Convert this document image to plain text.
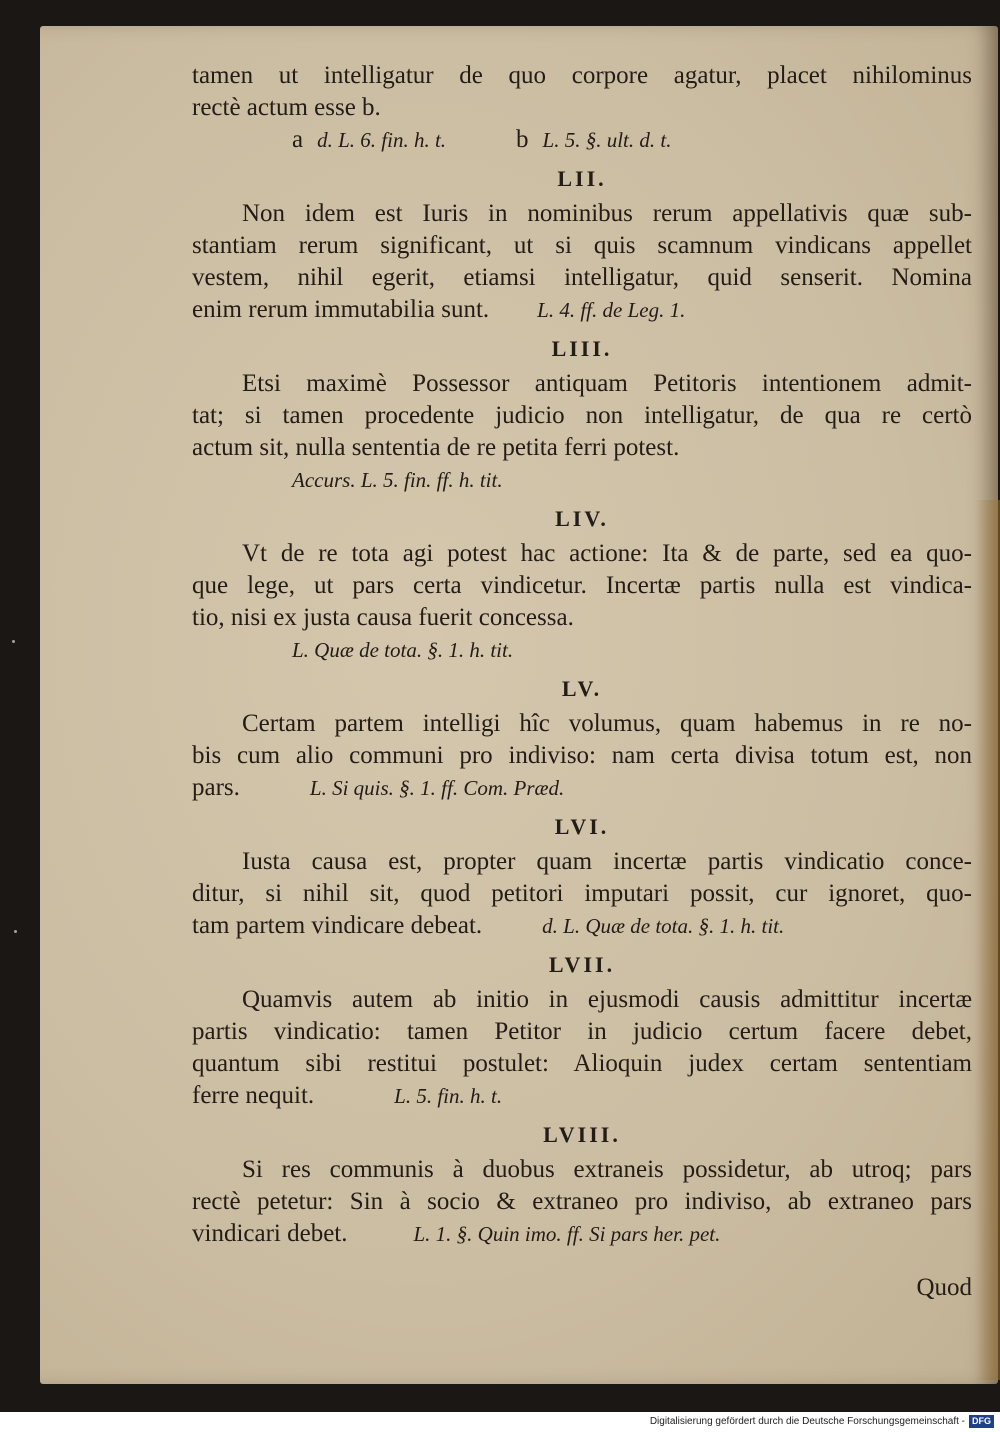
tamen ut intelligatur de quo corpore agatur, placet nihilominus
rectè actum esse b.
a d. L. 6. fin. h. t.	b L. 5. §. ult. d. t.
LII.
Non idem est Iuris in nominibus rerum appellativis quæ sub-
stantiam rerum significant, ut si quis scamnum vindicans appellet
vestem, nihil egerit, etiamsi intelligatur, quid senserit. Nomina
enim rerum immutabilia sunt. L. 4. ff. de Leg. 1.
LIII.
Etsi maximè Possessor antiquam Petitoris intentionem admit-
tat; si tamen procedente judicio non intelligatur, de qua re certò
actum sit, nulla sententia de re petita ferri potest.
Accurs. L. 5. fin. ff. h. tit.
LIV.
Vt de re tota agi potest hac actione: Ita & de parte, sed ea quo-
que lege, ut pars certa vindicetur. Incertæ partis nulla est vindica-
tio, nisi ex justa causa fuerit concessa.
L. Quæ de tota. §. 1. h. tit.
LV.
Certam partem intelligi hîc volumus, quam habemus in re no-
bis cum alio communi pro indiviso: nam certa divisa totum est, non
pars.	L. Si quis. §. 1. ff. Com. Præd.
LVI.
Iusta causa est, propter quam incertæ partis vindicatio conce-
ditur, si nihil sit, quod petitori imputari possit, cur ignoret, quo-
tam partem vindicare debeat.	d. L. Quæ de tota. §. 1. h. tit.
LVII.
Quamvis autem ab initio in ejusmodi causis admittitur incertæ
partis vindicatio: tamen Petitor in judicio certum facere debet,
quantum sibi restitui postulet: Alioquin judex certam sententiam
ferre nequit.	L. 5. fin. h. t.
LVIII.
Si res communis à duobus extraneis possidetur, ab utroq; pars
rectè petetur: Sin à socio & extraneo pro indiviso, ab extraneo pars
vindicari debet.	L. 1. §. Quin imo. ff. Si pars her. pet.
Quod
Digitalisierung gefördert durch die Deutsche Forschungsgemeinschaft - DFG
